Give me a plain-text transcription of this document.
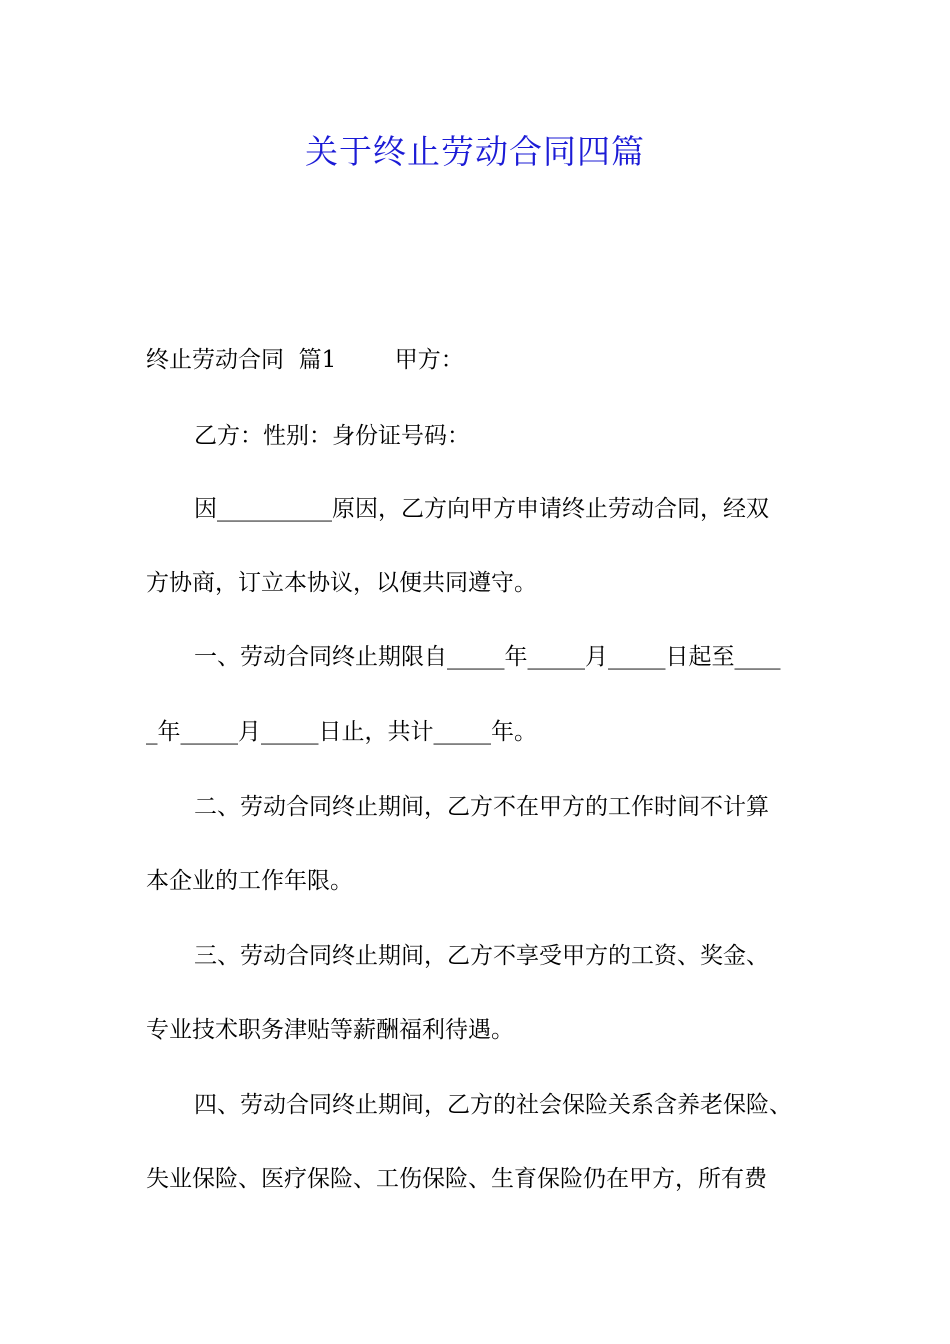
关于终止劳动合同四篇

终止劳动合同  篇1        甲方：

乙方：性别：身份证号码：

因__________原因，乙方向甲方申请终止劳动合同，经双

方协商，订立本协议，以便共同遵守。

一、劳动合同终止期限自_____年_____月_____日起至____

_年_____月_____日止，共计_____年。

二、劳动合同终止期间，乙方不在甲方的工作时间不计算

本企业的工作年限。

三、劳动合同终止期间，乙方不享受甲方的工资、奖金、

专业技术职务津贴等薪酬福利待遇。

四、劳动合同终止期间，乙方的社会保险关系含养老保险、

失业保险、医疗保险、工伤保险、生育保险仍在甲方，所有费
